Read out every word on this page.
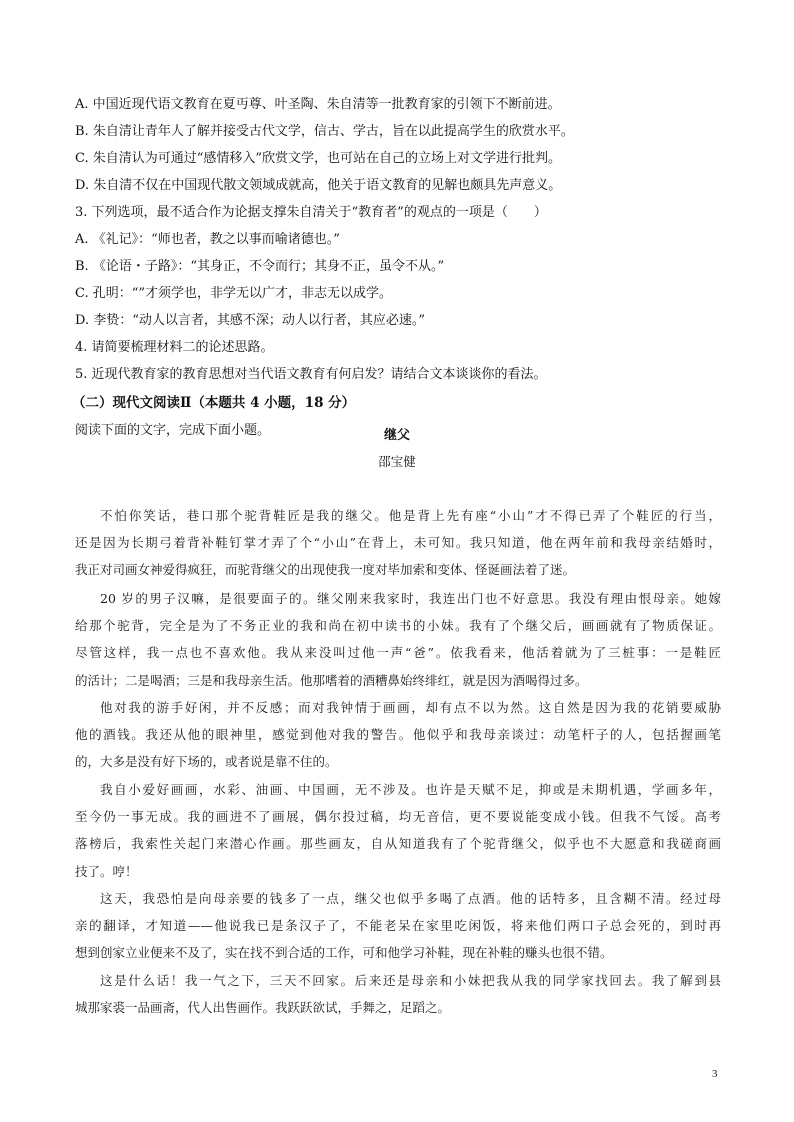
A. 中国近现代语文教育在夏丏尊、叶圣陶、朱自清等一批教育家的引领下不断前进。
B. 朱自清让青年人了解并接受古代文学，信古、学古，旨在以此提高学生的欣赏水平。
C. 朱自清认为可通过“感情移入”欣赏文学，也可站在自己的立场上对文学进行批判。
D. 朱自清不仅在中国现代散文领域成就高，他关于语文教育的见解也颇具先声意义。
3. 下列选项，最不适合作为论据支撑朱自清关于“教育者”的观点的一项是（　　）
A. 《礼记》：“师也者，教之以事而喻诸德也。”
B. 《论语・子路》：“其身正，不令而行；其身不正，虽令不从。”
C. 孔明：“”才须学也，非学无以广才，非志无以成学。
D. 李贽：“动人以言者，其感不深；动人以行者，其应必速。”
4. 请简要梳理材料二的论述思路。
5. 近现代教育家的教育思想对当代语文教育有何启发？请结合文本谈谈你的看法。
（二）现代文阅读Ⅱ（本题共 4 小题，18 分）
阅读下面的文字，完成下面小题。	继父
邵宝健
不怕你笑话，巷口那个驼背鞋匠是我的继父。他是背上先有座“小山”才不得已弄了个鞋匠的行当，
还是因为长期弓着背补鞋钉掌才弄了个“小山”在背上，未可知。我只知道，他在两年前和我母亲结婚时，
我正对司画女神爱得疯狂，而驼背继父的出现使我一度对毕加索和变体、怪诞画法着了迷。
20 岁的男子汉嘛，是很要面子的。继父刚来我家时，我连出门也不好意思。我没有理由恨母亲。她嫁
给那个驼背，完全是为了不务正业的我和尚在初中读书的小妹。我有了个继父后，画画就有了物质保证。
尽管这样，我一点也不喜欢他。我从来没叫过他一声“爸”。依我看来，他活着就为了三桩事：一是鞋匠
的活计；二是喝酒；三是和我母亲生活。他那嗜着的酒糟鼻始终绯红，就是因为酒喝得过多。
他对我的游手好闲，并不反感；而对我钟情于画画，却有点不以为然。这自然是因为我的花销要威胁
他的酒钱。我还从他的眼神里，感觉到他对我的警告。他似乎和我母亲谈过：动笔杆子的人，包括握画笔
的，大多是没有好下场的，或者说是靠不住的。
我自小爱好画画，水彩、油画、中国画，无不涉及。也许是天赋不足，抑或是未期机遇，学画多年，
至今仍一事无成。我的画进不了画展，偶尔投过稿，均无音信，更不要说能变成小钱。但我不气馁。高考
落榜后，我索性关起门来潜心作画。那些画友，自从知道我有了个驼背继父，似乎也不大愿意和我磋商画
技了。哼！
这天，我恐怕是向母亲要的钱多了一点，继父也似乎多喝了点酒。他的话特多，且含糊不清。经过母
亲的翻译，才知道——他说我已是条汉子了，不能老呆在家里吃闲饭，将来他们两口子总会死的，到时再
想到创家立业便来不及了，实在找不到合适的工作，可和他学习补鞋，现在补鞋的赚头也很不错。
这是什么话！我一气之下，三天不回家。后来还是母亲和小妹把我从我的同学家找回去。我了解到县
城那家裘一品画斋，代人出售画作。我跃跃欲试，手舞之，足蹈之。
3
